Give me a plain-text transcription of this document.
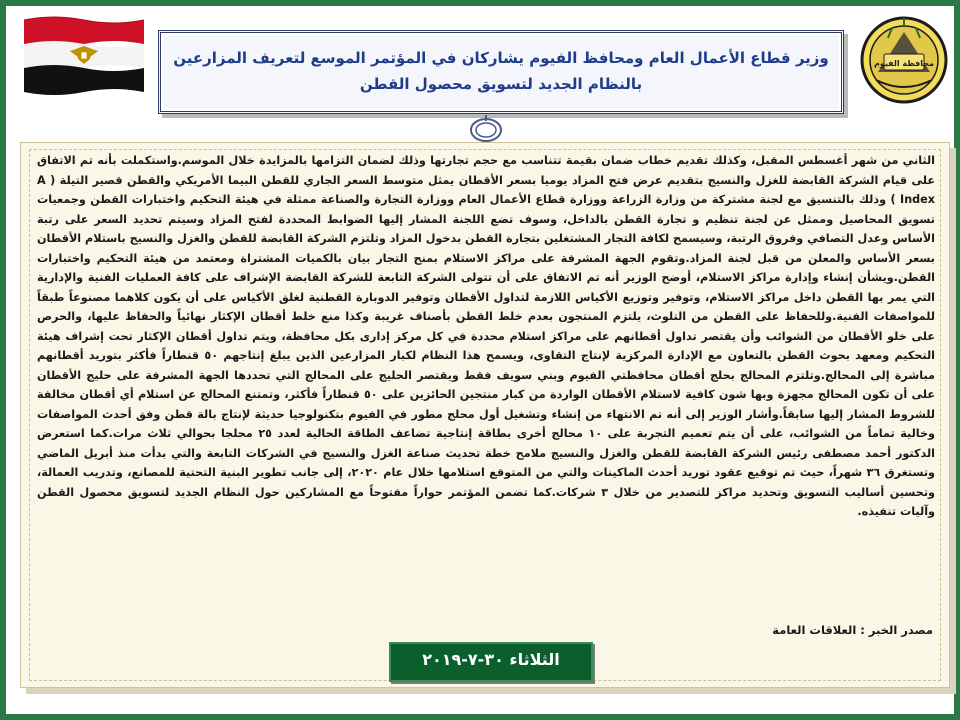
وزير قطاع الأعمال العام ومحافظ الفيوم يشاركان في المؤتمر الموسع لتعريف المزارعين بالنظام الجديد لتسويق محصول القطن
محافظة الفيوم
الثاني من شهر أغسطس المقبل، وكذلك تقديم خطاب ضمان بقيمة تتناسب مع حجم تجارتها وذلك لضمان التزامها بالمزايدة خلال الموسم.واستكملت بأنه تم الاتفاق على قيام الشركة القابضة للغزل والنسيج بتقديم عرض فتح المزاد يوميا بسعر الأقطان يمثل متوسط السعر الجاري للقطن البيما الأمريكي والقطن قصير التيلة ( A Index ) وذلك بالتنسيق مع لجنة مشتركة من وزارة الزراعة ووزارة قطاع الأعمال العام ووزارة التجارة والصناعة ممثلة في هيئة التحكيم واختبارات القطن وجمعيات تسويق المحاصيل وممثل عن لجنة تنظيم و تجارة القطن بالداخل، وسوف تضع اللجنة المشار إليها الضوابط المحددة لفتح المزاد وسيتم تحديد السعر على رتبة الأساس وعدل التصافي وفروق الرتبة، وسيسمح لكافة التجار المشتغلين بتجارة القطن بدخول المزاد وتلتزم الشركة القابضة للقطن والغزل والنسيج باستلام الأقطان بسعر الأساس والمعلن من قبل لجنة المزاد.وتقوم الجهة المشرفة على مراكز الاستلام بمنح التجار بيان بالكميات المشتراة ومعتمد من هيئة التحكيم واختبارات القطن.ويشأن إنشاء وإدارة مراكز الاستلام، أوضح الوزير أنه تم الاتفاق على أن تتولى الشركة التابعة للشركة القابضة الإشراف على كافة العمليات الفنية والإدارية التي يمر بها القطن داخل مراكز الاستلام، وتوفير وتوزيع الأكياس اللازمة لتداول الأقطان وتوفير الدوبارة القطنية لغلق الأكياس على أن يكون كلاهما مصنوعاً طبقاً للمواصفات الفنية.وللحفاظ على القطن من التلوث، يلتزم المنتجون بعدم خلط القطن بأصناف غريبة وكذا منع خلط أقطان الإكثار نهائياً والحفاظ عليها، والحرص على خلو الأقطان من الشوائب وأن يقتصر تداول أقطانهم على مراكز استلام محددة في كل مركز إدارى بكل محافظة، ويتم تداول أقطان الإكثار تحت إشراف هيئة التحكيم ومعهد بحوث القطن بالتعاون مع الإدارة المركزية لإنتاج التقاوى، ويسمح هذا النظام لكبار المزارعين الذين يبلغ إنتاجهم ٥٠ قنطاراً فأكثر بتوريد أقطانهم مباشرة إلى المحالج.وتلتزم المحالج بحلج أقطان محافظتي الفيوم وبني سويف فقط ويقتصر الحليج على المحالج التي تحددها الجهة المشرفة على حليج الأقطان على أن تكون المحالج مجهزة وبها شون كافية لاستلام الأقطان الواردة من كبار منتجين الحائزين على ٥٠ قنطاراً فأكثر، وتمتنع المحالج عن استلام أي أقطان مخالفة للشروط المشار إليها سابقاً.وأشار الوزير إلى أنه تم الانتهاء من إنشاء وتشغيل أول محلج مطور في الفيوم بتكنولوجيا حديثة لإنتاج بالة قطن وفق أحدث المواصفات وخالية تماماً من الشوائب، على أن يتم تعميم التجربة على ١٠ محالج أخرى بطاقة إنتاجية تضاعف الطاقة الحالية لعدد ٢٥ محلجا بحوالي ثلاث مرات.كما استعرض الدكتور أحمد مصطفى رئيس الشركة القابضة للقطن والغزل والنسيج ملامح خطة تحديث صناعة الغزل والنسيج في الشركات التابعة والتي بدأت منذ أبريل الماضي وتستغرق ٣٦ شهراً، حيث تم توقيع عقود توريد أحدث الماكينات والتي من المتوقع استلامها خلال عام ٢٠٢٠، إلى جانب تطوير البنية التحتية للمصانع، وتدريب العمالة، وتحسين أساليب التسويق وتحديد مراكز للتصدير من خلال ٣ شركات.كما تضمن المؤتمر حواراً مفتوحاً مع المشاركين حول النظام الجديد لتسويق محصول القطن وآليات تنفيذه.
مصدر الخبر : العلاقات العامة
الثلاثاء ٣٠-٧-٢٠١٩
